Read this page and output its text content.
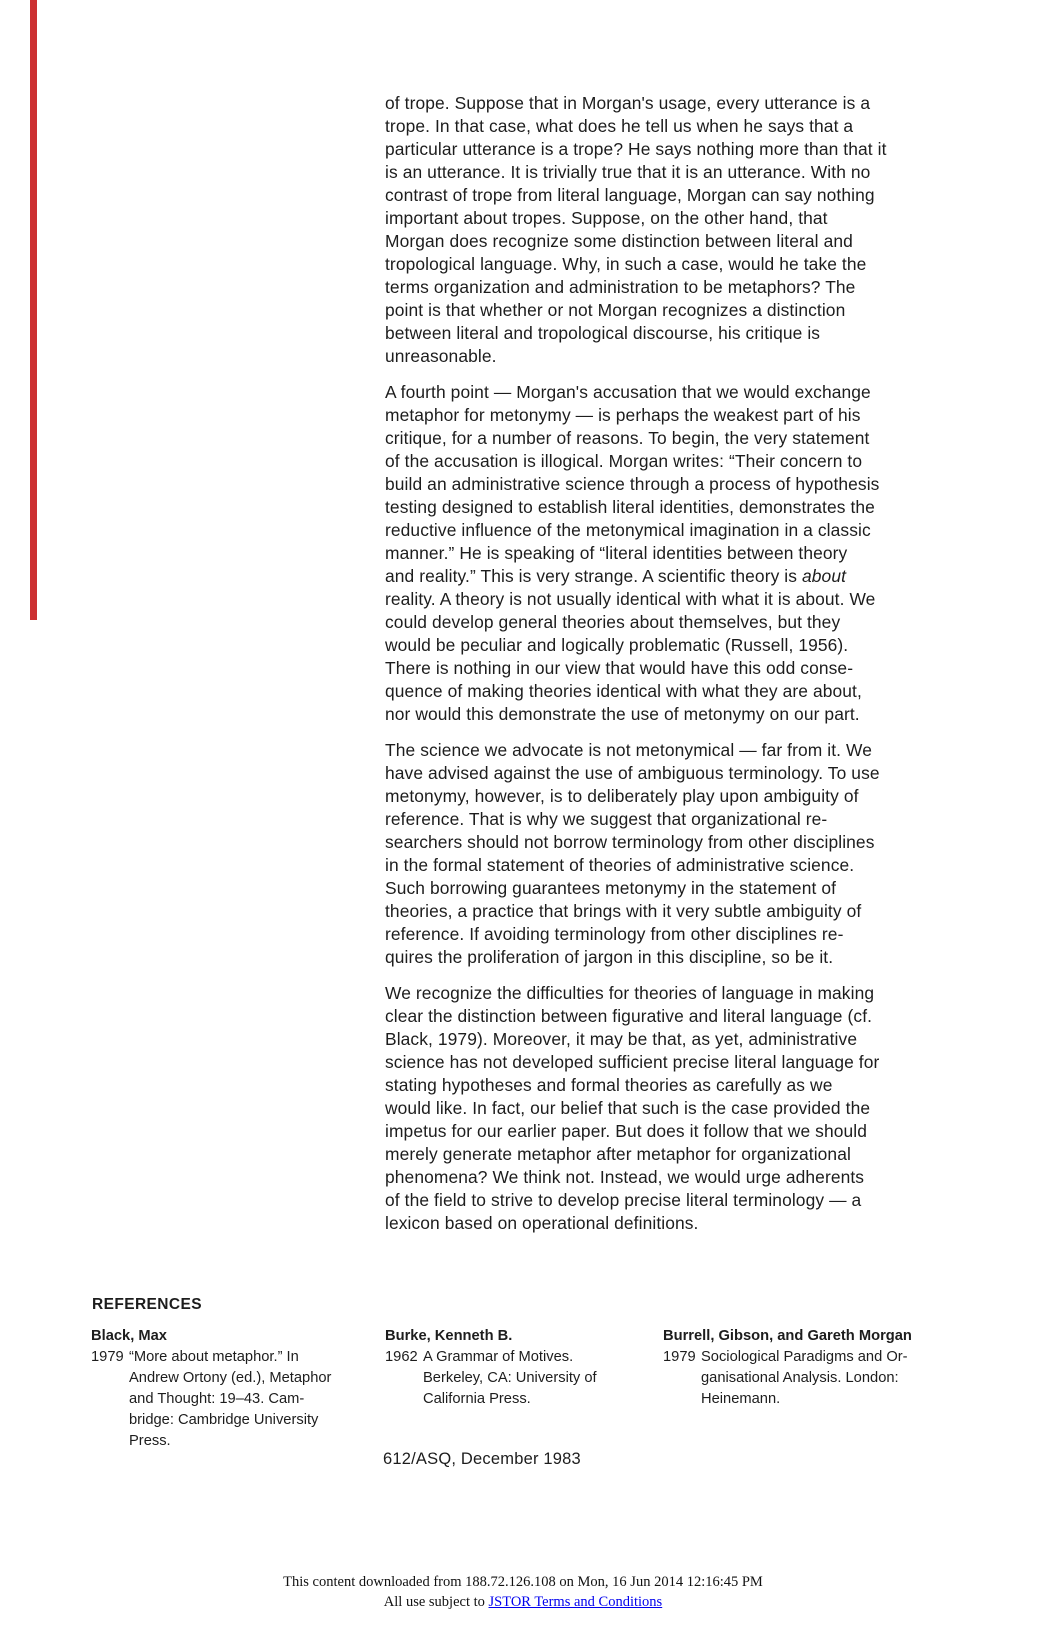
of trope. Suppose that in Morgan's usage, every utterance is a
trope. In that case, what does he tell us when he says that a
particular utterance is a trope? He says nothing more than that it
is an utterance. It is trivially true that it is an utterance. With no
contrast of trope from literal language, Morgan can say nothing
important about tropes. Suppose, on the other hand, that
Morgan does recognize some distinction between literal and
tropological language. Why, in such a case, would he take the
terms organization and administration to be metaphors? The
point is that whether or not Morgan recognizes a distinction
between literal and tropological discourse, his critique is
unreasonable.

A fourth point — Morgan's accusation that we would exchange
metaphor for metonymy — is perhaps the weakest part of his
critique, for a number of reasons. To begin, the very statement
of the accusation is illogical. Morgan writes: “Their concern to
build an administrative science through a process of hypothesis
testing designed to establish literal identities, demonstrates the
reductive influence of the metonymical imagination in a classic
manner.” He is speaking of “literal identities between theory
and reality.” This is very strange. A scientific theory is about
reality. A theory is not usually identical with what it is about. We
could develop general theories about themselves, but they
would be peculiar and logically problematic (Russell, 1956).
There is nothing in our view that would have this odd conse-
quence of making theories identical with what they are about,
nor would this demonstrate the use of metonymy on our part.

The science we advocate is not metonymical — far from it. We
have advised against the use of ambiguous terminology. To use
metonymy, however, is to deliberately play upon ambiguity of
reference. That is why we suggest that organizational re-
searchers should not borrow terminology from other disciplines
in the formal statement of theories of administrative science.
Such borrowing guarantees metonymy in the statement of
theories, a practice that brings with it very subtle ambiguity of
reference. If avoiding terminology from other disciplines re-
quires the proliferation of jargon in this discipline, so be it.

We recognize the difficulties for theories of language in making
clear the distinction between figurative and literal language (cf.
Black, 1979). Moreover, it may be that, as yet, administrative
science has not developed sufficient precise literal language for
stating hypotheses and formal theories as carefully as we
would like. In fact, our belief that such is the case provided the
impetus for our earlier paper. But does it follow that we should
merely generate metaphor after metaphor for organizational
phenomena? We think not. Instead, we would urge adherents
of the field to strive to develop precise literal terminology — a
lexicon based on operational definitions.

REFERENCES
Black, Max
1979 “More about metaphor.” In
Andrew Ortony (ed.), Metaphor
and Thought: 19–43. Cam-
bridge: Cambridge University
Press.
Burke, Kenneth B.
1962 A Grammar of Motives.
Berkeley, CA: University of
California Press.
Burrell, Gibson, and Gareth Morgan
1979 Sociological Paradigms and Or-
ganisational Analysis. London:
Heinemann.
612/ASQ, December 1983
This content downloaded from 188.72.126.108 on Mon, 16 Jun 2014 12:16:45 PM
All use subject to JSTOR Terms and Conditions
